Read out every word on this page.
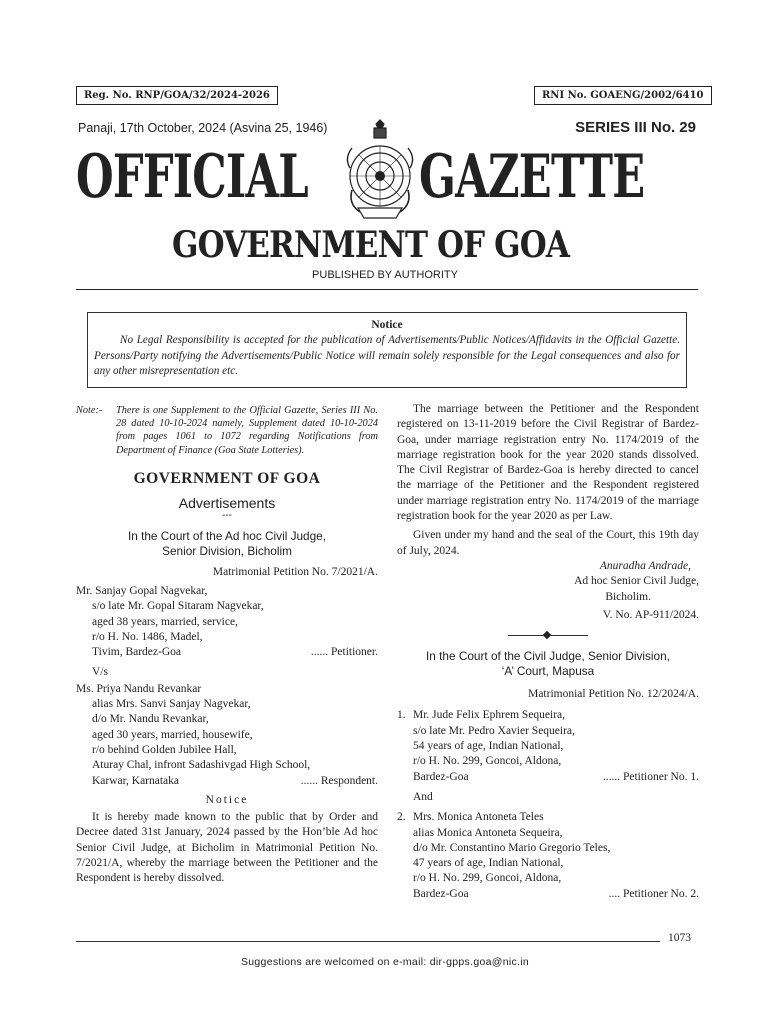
Reg. No. RNP/GOA/32/2024-2026	RNI No. GOAENG/2002/6410
Panaji, 17th October, 2024 (Asvina 25, 1946)	SERIES III No. 29
OFFICIAL GAZETTE
GOVERNMENT OF GOA
PUBLISHED BY AUTHORITY
Notice
No Legal Responsibility is accepted for the publication of Advertisements/Public Notices/Affidavits in the Official Gazette. Persons/Party notifying the Advertisements/Public Notice will remain solely responsible for the Legal consequences and also for any other misrepresentation etc.
Note:-	There is one Supplement to the Official Gazette, Series III No. 28 dated 10-10-2024 namely, Supplement dated 10-10-2024 from pages 1061 to 1072 regarding Notifications from Department of Finance (Goa State Lotteries).
GOVERNMENT OF GOA
Advertisements
---
In the Court of the Ad hoc Civil Judge,
Senior Division, Bicholim
Matrimonial Petition No. 7/2021/A.
Mr. Sanjay Gopal Nagvekar,
s/o late Mr. Gopal Sitaram Nagvekar,
aged 38 years, married, service,
r/o H. No. 1486, Madel,
Tivim, Bardez-Goa	...... Petitioner.
V/s
Ms. Priya Nandu Revankar
alias Mrs. Sanvi Sanjay Nagvekar,
d/o Mr. Nandu Revankar,
aged 30 years, married, housewife,
r/o behind Golden Jubilee Hall,
Aturay Chal, infront Sadashivgad High School,
Karwar, Karnataka	...... Respondent.
Notice
It is hereby made known to the public that by Order and Decree dated 31st January, 2024 passed by the Hon’ble Ad hoc Senior Civil Judge, at Bicholim in Matrimonial Petition No. 7/2021/A, whereby the marriage between the Petitioner and the Respondent is hereby dissolved.
The marriage between the Petitioner and the Respondent registered on 13-11-2019 before the Civil Registrar of Bardez-Goa, under marriage registration entry No. 1174/2019 of the marriage registration book for the year 2020 stands dissolved. The Civil Registrar of Bardez-Goa is hereby directed to cancel the marriage of the Petitioner and the Respondent registered under marriage registration entry No. 1174/2019 of the marriage registration book for the year 2020 as per Law.
Given under my hand and the seal of the Court, this 19th day of July, 2024.
Anuradha Andrade,
Ad hoc Senior Civil Judge,
Bicholim.
V. No. AP-911/2024.
In the Court of the Civil Judge, Senior Division,
‘A’ Court, Mapusa
Matrimonial Petition No. 12/2024/A.
1. Mr. Jude Felix Ephrem Sequeira,
s/o late Mr. Pedro Xavier Sequeira,
54 years of age, Indian National,
r/o H. No. 299, Goncoi, Aldona,
Bardez-Goa	...... Petitioner No. 1.
And
2. Mrs. Monica Antoneta Teles
alias Monica Antoneta Sequeira,
d/o Mr. Constantino Mario Gregorio Teles,
47 years of age, Indian National,
r/o H. No. 299, Goncoi, Aldona,
Bardez-Goa	.... Petitioner No. 2.
1073
Suggestions are welcomed on e-mail: dir-gpps.goa@nic.in
